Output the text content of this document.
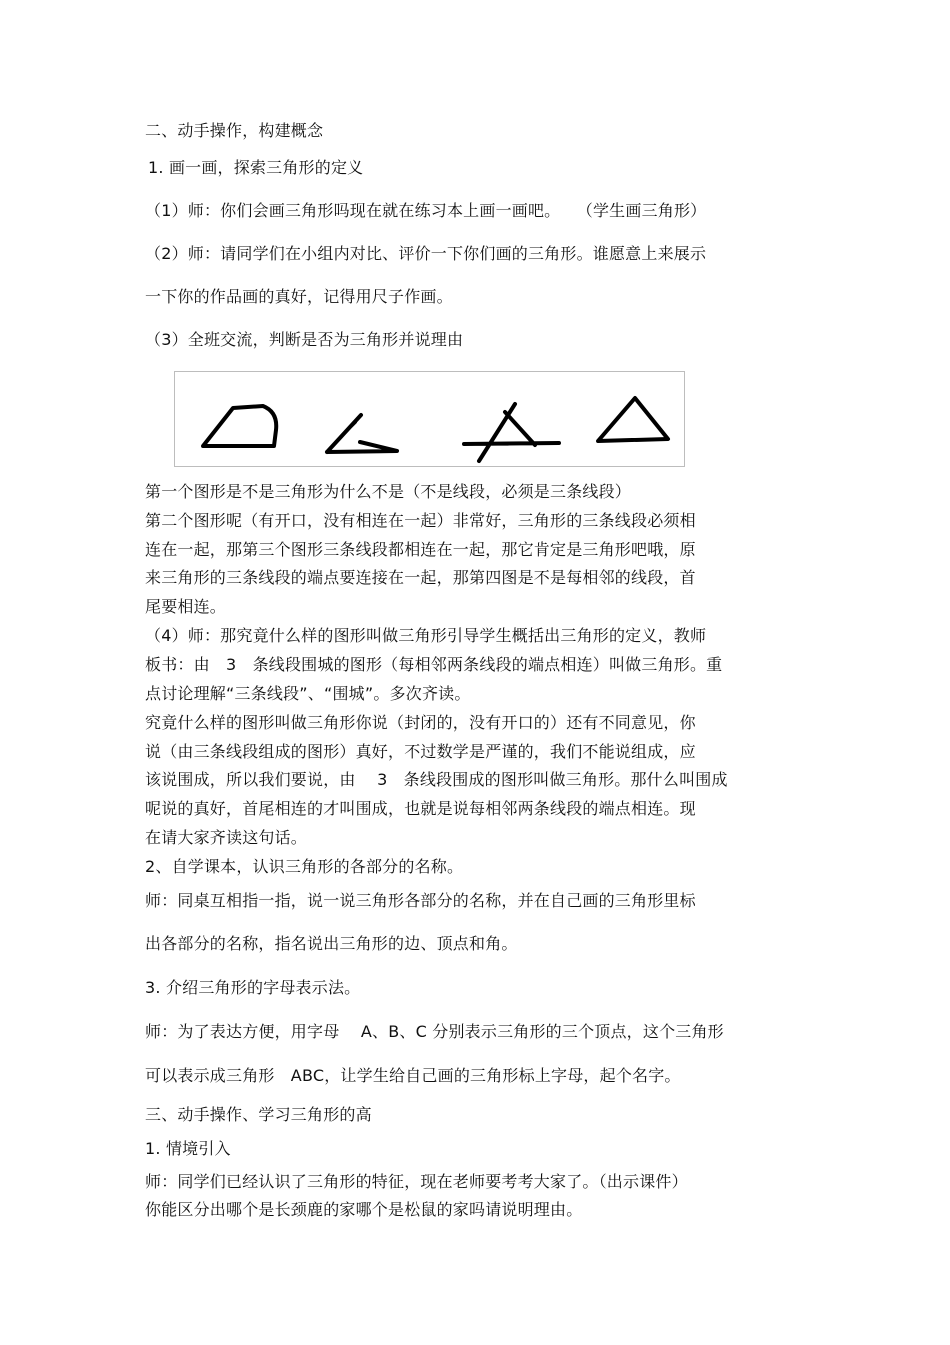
二、动手操作，构建概念
1. 画一画，探索三角形的定义
（1）师：你们会画三角形吗现在就在练习本上画一画吧。　　（学生画三角形）
（2）师：请同学们在小组内对比、评价一下你们画的三角形。谁愿意上来展示
一下你的作品画的真好，记得用尺子作画。
（3）全班交流，判断是否为三角形并说理由
第一个图形是不是三角形为什么不是（不是线段，必须是三条线段）
第二个图形呢（有开口，没有相连在一起）非常好，三角形的三条线段必须相
连在一起，那第三个图形三条线段都相连在一起，那它肯定是三角形吧哦，原
来三角形的三条线段的端点要连接在一起，那第四图是不是每相邻的线段，首
尾要相连。
（4）师：那究竟什么样的图形叫做三角形引导学生概括出三角形的定义，教师
板书：由　3　条线段围城的图形（每相邻两条线段的端点相连）叫做三角形。重
点讨论理解“三条线段”、“围城”。多次齐读。
究竟什么样的图形叫做三角形你说（封闭的，没有开口的）还有不同意见，你
说（由三条线段组成的图形）真好，不过数学是严谨的，我们不能说组成，应
该说围成，所以我们要说，由　 3　条线段围成的图形叫做三角形。那什么叫围成
呢说的真好，首尾相连的才叫围成，也就是说每相邻两条线段的端点相连。现
在请大家齐读这句话。
2、自学课本，认识三角形的各部分的名称。
师：同桌互相指一指，说一说三角形各部分的名称，并在自己画的三角形里标
出各部分的名称，指名说出三角形的边、顶点和角。
3. 介绍三角形的字母表示法。
师：为了表达方便，用字母　 A、B、C 分别表示三角形的三个顶点，这个三角形
可以表示成三角形　ABC，让学生给自己画的三角形标上字母，起个名字。
三、动手操作、学习三角形的高
1. 情境引入
师：同学们已经认识了三角形的特征，现在老师要考考大家了。（出示课件）
你能区分出哪个是长颈鹿的家哪个是松鼠的家吗请说明理由。
